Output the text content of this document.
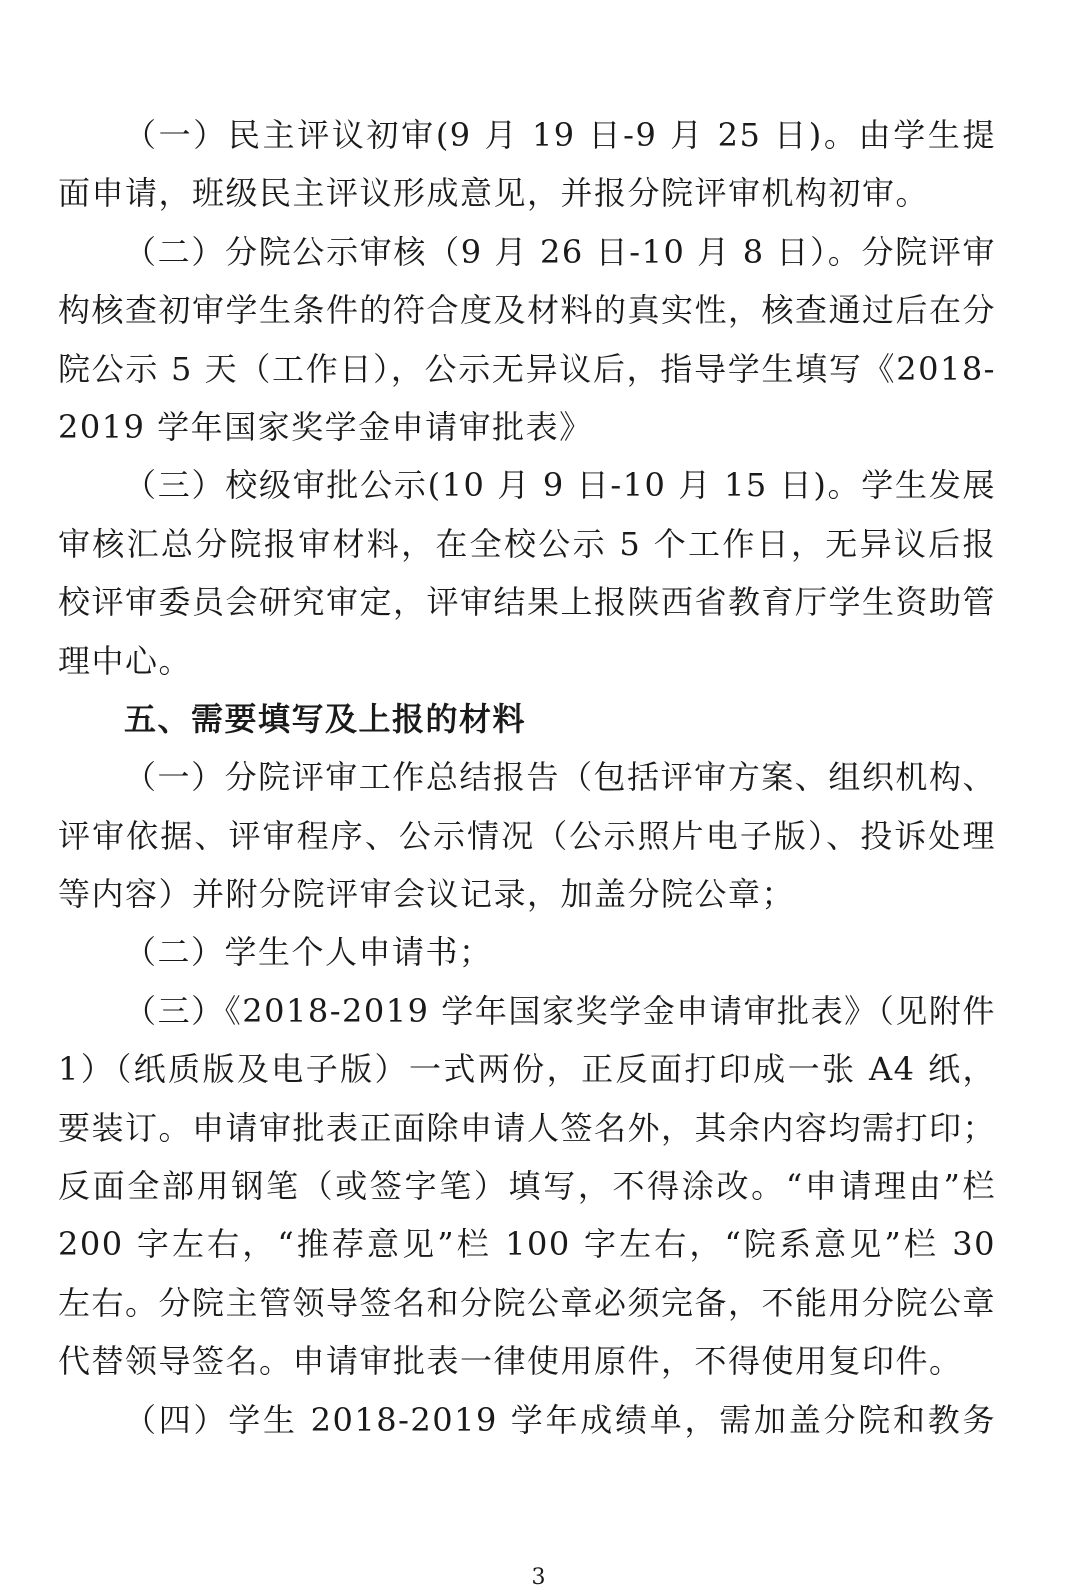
（一）民主评议初审(9 月 19 日-9 月 25 日)。由学生提
面申请，班级民主评议形成意见，并报分院评审机构初审。
（二）分院公示审核（9 月 26 日-10 月 8 日）。分院评审
构核查初审学生条件的符合度及材料的真实性，核查通过后在分
院公示 5 天（工作日），公示无异议后，指导学生填写《2018-
2019 学年国家奖学金申请审批表》
（三）校级审批公示(10 月 9 日-10 月 15 日)。学生发展
审核汇总分院报审材料，在全校公示 5 个工作日，无异议后报
校评审委员会研究审定，评审结果上报陕西省教育厅学生资助管
理中心。
五、需要填写及上报的材料
（一）分院评审工作总结报告（包括评审方案、组织机构、
评审依据、评审程序、公示情况（公示照片电子版）、投诉处理
等内容）并附分院评审会议记录，加盖分院公章；
（二）学生个人申请书；
（三）《2018-2019 学年国家奖学金申请审批表》（见附件
1）（纸质版及电子版）一式两份，正反面打印成一张 A4 纸，
要装订。申请审批表正面除申请人签名外，其余内容均需打印；
反面全部用钢笔（或签字笔）填写，不得涂改。“申请理由”栏
200 字左右，“推荐意见”栏 100 字左右，“院系意见”栏 30
左右。分院主管领导签名和分院公章必须完备，不能用分院公章
代替领导签名。申请审批表一律使用原件，不得使用复印件。
（四）学生 2018-2019 学年成绩单，需加盖分院和教务
3
